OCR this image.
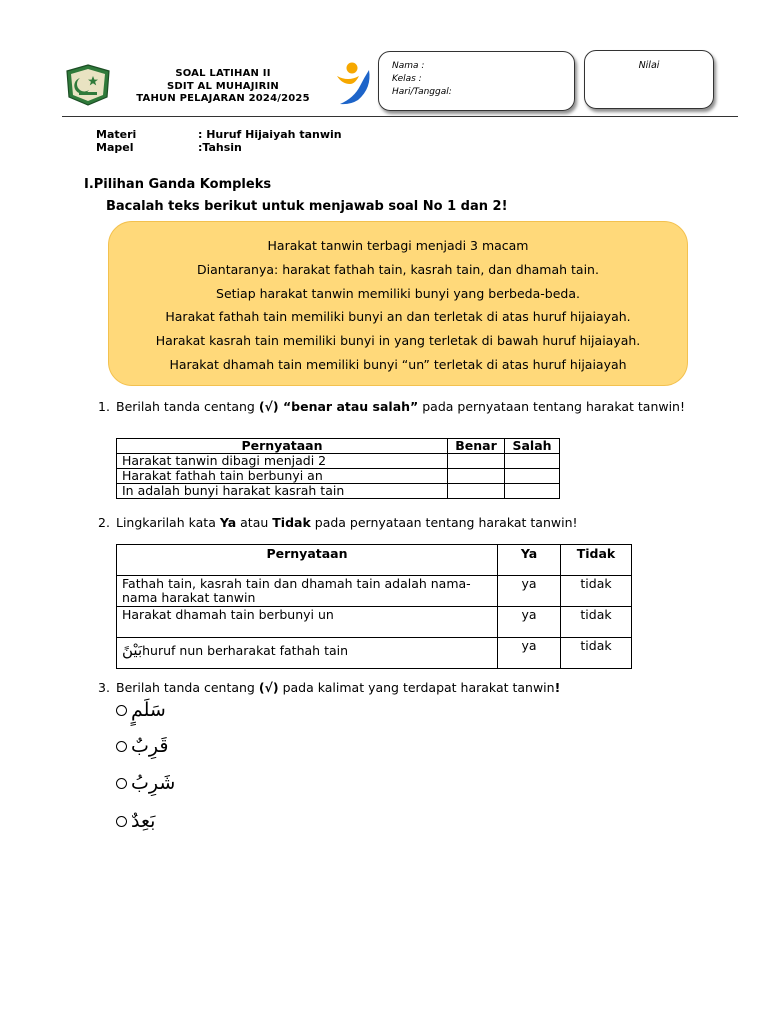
SOAL LATIHAN II
SDIT AL MUHAJIRIN
TAHUN PELAJARAN 2024/2025
Nama :
Kelas :
Hari/Tanggal:
Nilai
Materi	: Huruf Hijaiyah tanwin
Mapel	:Tahsin
I.Pilihan Ganda Kompleks
Bacalah teks berikut untuk menjawab soal No 1 dan 2!
Harakat tanwin terbagi menjadi 3 macam
Diantaranya: harakat fathah tain, kasrah tain, dan dhamah tain.
Setiap harakat tanwin memiliki bunyi yang berbeda-beda.
Harakat fathah tain memiliki bunyi an dan terletak di atas huruf hijaiayah.
Harakat kasrah tain memiliki bunyi in yang terletak di bawah huruf hijaiayah.
Harakat dhamah tain memiliki bunyi “un” terletak di atas huruf hijaiayah
1. Berilah tanda centang (√) “benar atau salah” pada pernyataan tentang harakat tanwin!
Pernyataan	Benar	Salah
Harakat tanwin dibagi menjadi 2		
Harakat fathah tain berbunyi an		
In adalah bunyi harakat kasrah tain		
2. Lingkarilah kata Ya atau Tidak pada pernyataan tentang harakat tanwin!
Pernyataan	Ya	Tidak
Fathah tain, kasrah tain dan dhamah tain adalah nama-nama harakat tanwin	ya	tidak
Harakat dhamah tain berbunyi un	ya	tidak
بَيْنًhuruf nun berharakat fathah tain	ya	tidak
3. Berilah tanda centang (√) pada kalimat yang terdapat harakat tanwin!
سَلَمٍ
قَرِبٌ
شَرِبُ
بَعِدٌ
